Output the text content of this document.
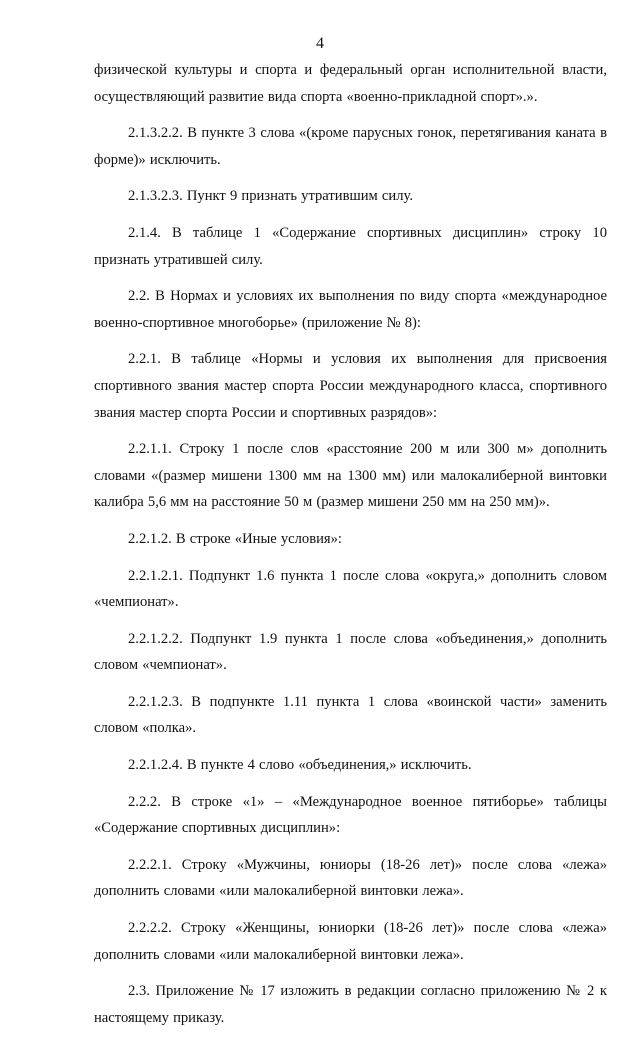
4

физической культуры и спорта и федеральный орган исполнительной власти, осуществляющий развитие вида спорта «военно-прикладной спорт».».

2.1.3.2.2. В пункте 3 слова «(кроме парусных гонок, перетягивания каната в форме)» исключить.

2.1.3.2.3. Пункт 9 признать утратившим силу.

2.1.4. В таблице 1 «Содержание спортивных дисциплин» строку 10 признать утратившей силу.

2.2. В Нормах и условиях их выполнения по виду спорта «международное военно-спортивное многоборье» (приложение № 8):

2.2.1. В таблице «Нормы и условия их выполнения для присвоения спортивного звания мастер спорта России международного класса, спортивного звания мастер спорта России и спортивных разрядов»:

2.2.1.1. Строку 1 после слов «расстояние 200 м или 300 м» дополнить словами «(размер мишени 1300 мм на 1300 мм) или малокалиберной винтовки калибра 5,6 мм на расстояние 50 м (размер мишени 250 мм на 250 мм)».

2.2.1.2. В строке «Иные условия»:

2.2.1.2.1. Подпункт 1.6 пункта 1 после слова «округа,» дополнить словом «чемпионат».

2.2.1.2.2. Подпункт 1.9 пункта 1 после слова «объединения,» дополнить словом «чемпионат».

2.2.1.2.3. В подпункте 1.11 пункта 1 слова «воинской части» заменить словом «полка».

2.2.1.2.4. В пункте 4 слово «объединения,» исключить.

2.2.2. В строке «1» – «Международное военное пятиборье» таблицы «Содержание спортивных дисциплин»:

2.2.2.1. Строку «Мужчины, юниоры (18-26 лет)» после слова «лежа» дополнить словами «или малокалиберной винтовки лежа».

2.2.2.2. Строку «Женщины, юниорки (18-26 лет)» после слова «лежа» дополнить словами «или малокалиберной винтовки лежа».

2.3. Приложение № 17 изложить в редакции согласно приложению № 2 к настоящему приказу.
